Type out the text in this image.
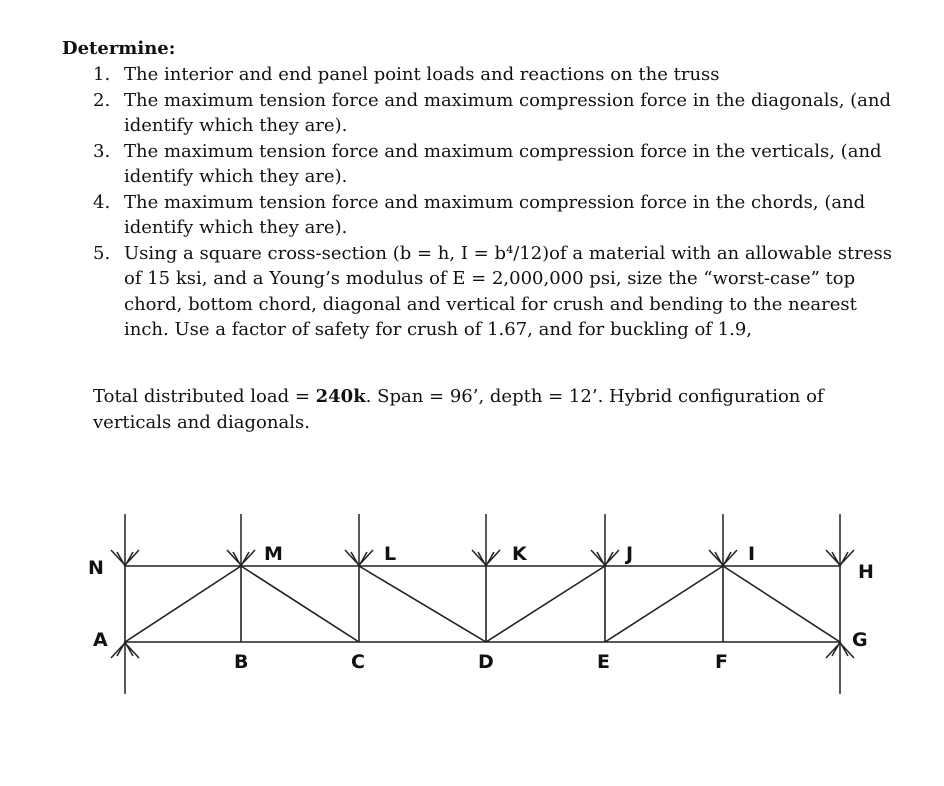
Determine:
1. The interior and end panel point loads and reactions on the truss
2. The maximum tension force and maximum compression force in the diagonals, (and identify which they are).
3. The maximum tension force and maximum compression force in the verticals, (and identify which they are).
4. The maximum tension force and maximum compression force in the chords, (and identify which they are).
5. Using a square cross-section (b = h, I = b⁴/12)of a material with an allowable stress of 15 ksi, and a Young’s modulus of E = 2,000,000 psi, size the “worst-case” top chord, bottom chord, diagonal and vertical for crush and bending to the nearest inch. Use a factor of safety for crush of 1.67, and for buckling of 1.9,
Total distributed load = 240k. Span = 96’, depth = 12’. Hybrid configuration of verticals and diagonals.
N
M	L	K	J	I
H
A
B	C	D	E	F
G
